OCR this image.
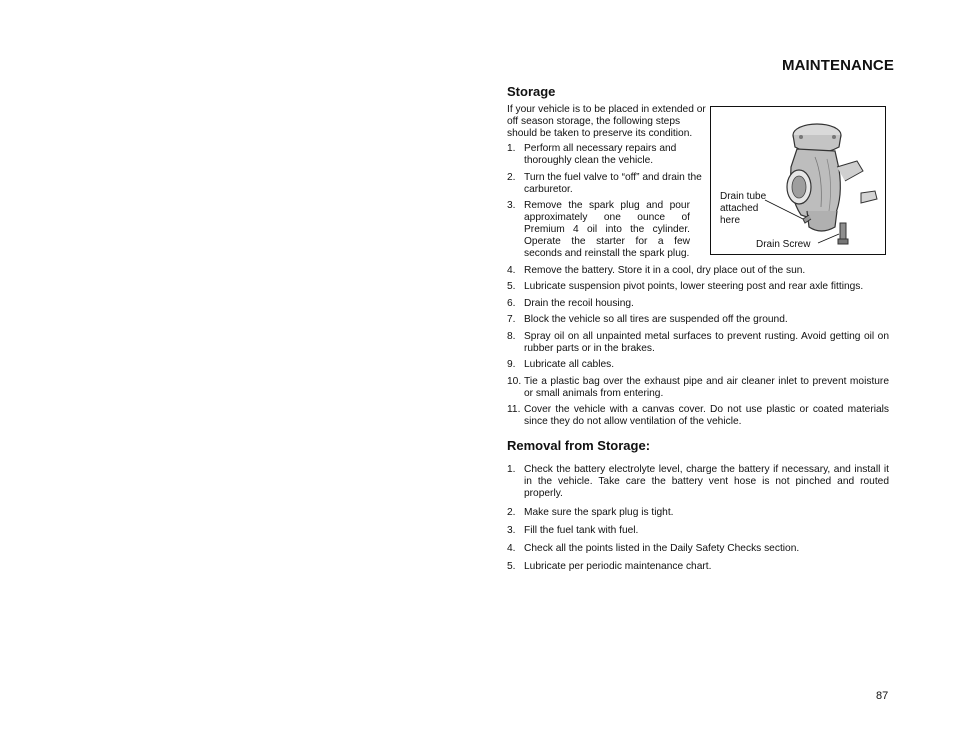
MAINTENANCE
Storage
If your vehicle is to be placed in extended or off season storage, the following steps should be taken to preserve its condition.
1. Perform all necessary repairs and thoroughly clean the vehicle.
2. Turn the fuel valve to “off” and drain the carburetor.
3. Remove the spark plug and pour approximately one ounce of Premium 4 oil into the cylinder. Operate the starter for a few seconds and reinstall the spark plug.
4. Remove the battery. Store it in a cool, dry place out of the sun.
5. Lubricate suspension pivot points, lower steering post and rear axle fittings.
6. Drain the recoil housing.
7. Block the vehicle so all tires are suspended off the ground.
8. Spray oil on all unpainted metal surfaces to prevent rusting. Avoid getting oil on rubber parts or in the brakes.
9. Lubricate all cables.
10. Tie a plastic bag over the exhaust pipe and air cleaner inlet to prevent moisture or small animals from entering.
11. Cover the vehicle with a canvas cover. Do not use plastic or coated materials since they do not allow ventilation of the vehicle.
Drain tube attached here
Drain Screw
Removal from Storage:
1. Check the battery electrolyte level, charge the battery if necessary, and install it in the vehicle. Take care the battery vent hose is not pinched and routed properly.
2. Make sure the spark plug is tight.
3. Fill the fuel tank with fuel.
4. Check all the points listed in the Daily Safety Checks section.
5. Lubricate per periodic maintenance chart.
87
